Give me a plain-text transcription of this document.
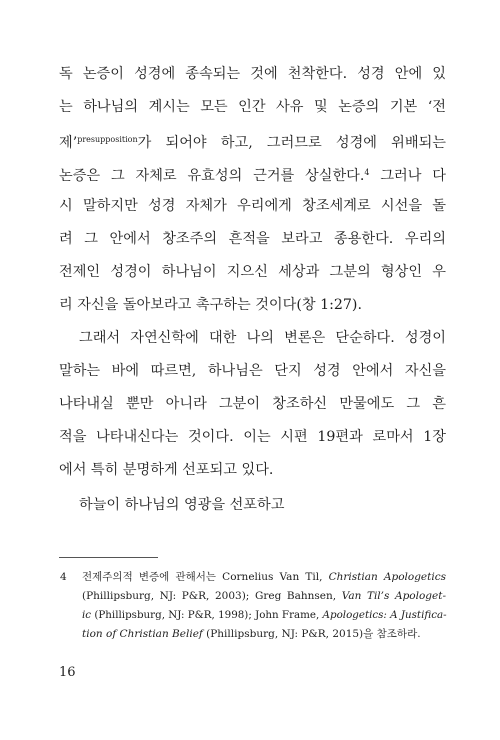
독 논증이 성경에 종속되는 것에 천착한다. 성경 안에 있

는 하나님의 계시는 모든 인간 사유 및 논증의 기본 ‘전

제’$^{presupposition}$가 되어야 하고, 그러므로 성경에 위배되는

논증은 그 자체로 유효성의 근거를 상실한다.$^4$ 그러나 다

시 말하지만 성경 자체가 우리에게 창조세계로 시선을 돌

려 그 안에서 창조주의 흔적을 보라고 종용한다. 우리의

전제인 성경이 하나님이 지으신 세상과 그분의 형상인 우

리 자신을 돌아보라고 촉구하는 것이다(창 1:27).

그래서 자연신학에 대한 나의 변론은 단순하다. 성경이

말하는 바에 따르면, 하나님은 단지 성경 안에서 자신을

나타내실 뿐만 아니라 그분이 창조하신 만물에도 그 흔

적을 나타내신다는 것이다. 이는 시편 19편과 로마서 1장

에서 특히 분명하게 선포되고 있다.

하늘이 하나님의 영광을 선포하고

4 전제주의적 변증에 관해서는 Cornelius Van Til, Christian Apologetics

(Phillipsburg, NJ: P&R, 2003); Greg Bahnsen, Van Til’s Apologet-

ic (Phillipsburg, NJ: P&R, 1998); John Frame, Apologetics: A Justifica-

tion of Christian Belief (Phillipsburg, NJ: P&R, 2015)을 참조하라.

16
